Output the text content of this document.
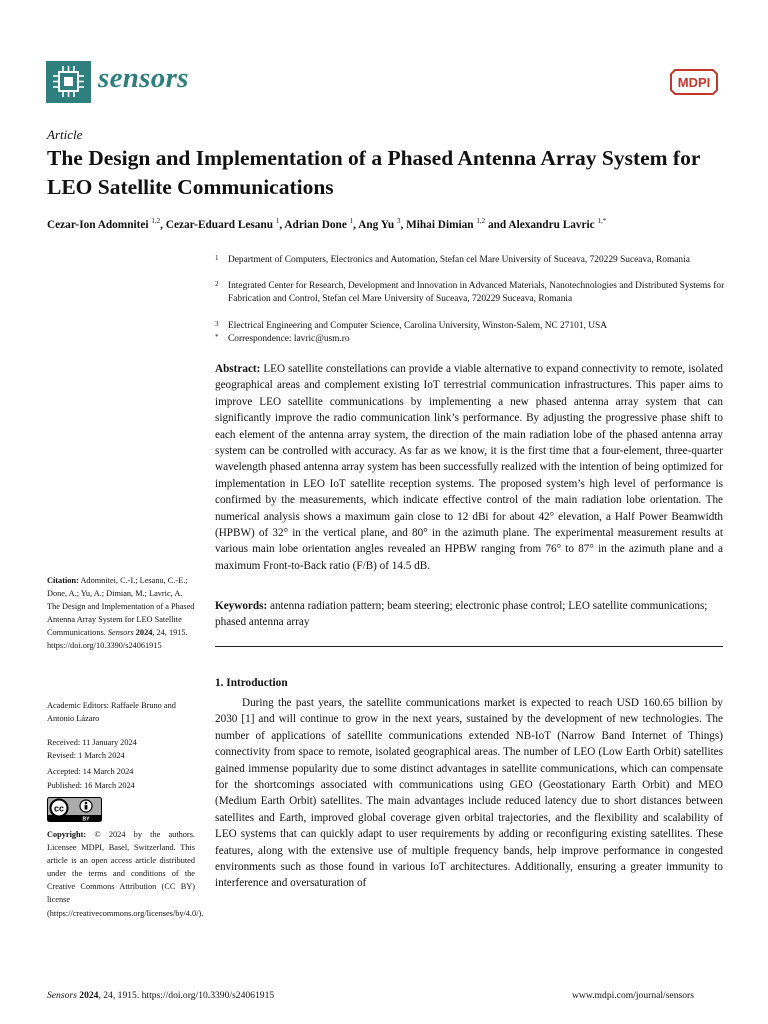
sensors	MDPI
Article
The Design and Implementation of a Phased Antenna Array System for LEO Satellite Communications
Cezar-Ion Adomnitei $^{1,2}$, Cezar-Eduard Lesanu $^1$, Adrian Done $^1$, Ang Yu $^3$, Mihai Dimian $^{1,2}$ and Alexandru Lavric $^{1,*}$
1 Department of Computers, Electronics and Automation, Stefan cel Mare University of Suceava, 720229 Suceava, Romania
2 Integrated Center for Research, Development and Innovation in Advanced Materials, Nanotechnologies and Distributed Systems for Fabrication and Control, Stefan cel Mare University of Suceava, 720229 Suceava, Romania
3 Electrical Engineering and Computer Science, Carolina University, Winston-Salem, NC 27101, USA
* Correspondence: lavric@usm.ro
Abstract: LEO satellite constellations can provide a viable alternative to expand connectivity to remote, isolated geographical areas and complement existing IoT terrestrial communication infrastructures. This paper aims to improve LEO satellite communications by implementing a new phased antenna array system that can significantly improve the radio communication link’s performance. By adjusting the progressive phase shift to each element of the antenna array system, the direction of the main radiation lobe of the phased antenna array system can be controlled with accuracy. As far as we know, it is the first time that a four-element, three-quarter wavelength phased antenna array system has been successfully realized with the intention of being optimized for implementation in LEO IoT satellite reception systems. The proposed system’s high level of performance is confirmed by the measurements, which indicate effective control of the main radiation lobe orientation. The numerical analysis shows a maximum gain close to 12 dBi for about 42° elevation, a Half Power Beamwidth (HPBW) of 32° in the vertical plane, and 80° in the azimuth plane. The experimental measurement results at various main lobe orientation angles revealed an HPBW ranging from 76° to 87° in the azimuth plane and a maximum Front-to-Back ratio (F/B) of 14.5 dB.
Keywords: antenna radiation pattern; beam steering; electronic phase control; LEO satellite communications; phased antenna array
1. Introduction
During the past years, the satellite communications market is expected to reach USD 160.65 billion by 2030 [1] and will continue to grow in the next years, sustained by the development of new technologies. The number of applications of satellite communications extended NB-IoT (Narrow Band Internet of Things) connectivity from space to remote, isolated geographical areas. The number of LEO (Low Earth Orbit) satellites gained immense popularity due to some distinct advantages in satellite communications, which can compensate for the shortcomings associated with communications using GEO (Geostationary Earth Orbit) and MEO (Medium Earth Orbit) satellites. The main advantages include reduced latency due to short distances between satellites and Earth, improved global coverage given orbital trajectories, and the flexibility and scalability of LEO systems that can quickly adapt to user requirements by adding or reconfiguring existing satellites. These features, along with the extensive use of multiple frequency bands, help improve performance in congested environments such as those found in various IoT architectures. Additionally, ensuring a greater immunity to interference and oversaturation of
Citation: Adomnitei, C.-I.; Lesanu, C.-E.; Done, A.; Yu, A.; Dimian, M.; Lavric, A. The Design and Implementation of a Phased Antenna Array System for LEO Satellite Communications. Sensors 2024, 24, 1915. https://doi.org/10.3390/s24061915
Academic Editors: Raffaele Bruno and Antonio Lázaro
Received: 11 January 2024
Revised: 1 March 2024
Accepted: 14 March 2024
Published: 16 March 2024
cc
BY
Copyright: © 2024 by the authors. Licensee MDPI, Basel, Switzerland. This article is an open access article distributed under the terms and conditions of the Creative Commons Attribution (CC BY) license (https://creativecommons.org/licenses/by/4.0/).
Sensors 2024, 24, 1915. https://doi.org/10.3390/s24061915	www.mdpi.com/journal/sensors
